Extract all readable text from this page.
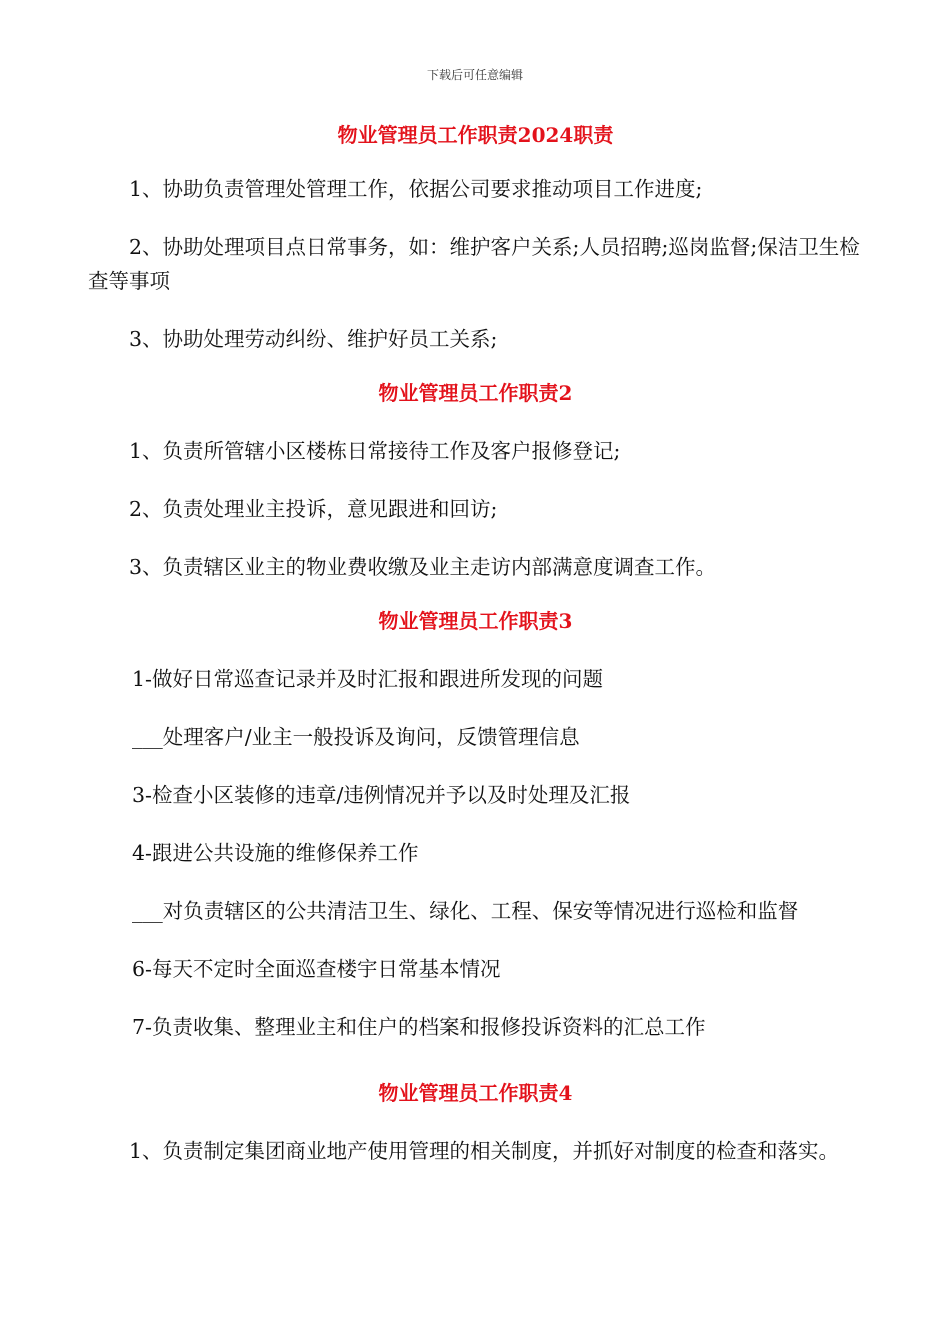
下载后可任意编辑

物业管理员工作职责2024职责

1、协助负责管理处管理工作，依据公司要求推动项目工作进度;

2、协助处理项目点日常事务，如：维护客户关系;人员招聘;巡岗监督;保洁卫生检查等事项

3、协助处理劳动纠纷、维护好员工关系;

物业管理员工作职责2

1、负责所管辖小区楼栋日常接待工作及客户报修登记;

2、负责处理业主投诉，意见跟进和回访;

3、负责辖区业主的物业费收缴及业主走访内部满意度调查工作。

物业管理员工作职责3

1-做好日常巡查记录并及时汇报和跟进所发现的问题

___处理客户/业主一般投诉及询问，反馈管理信息

3-检查小区装修的违章/违例情况并予以及时处理及汇报

4-跟进公共设施的维修保养工作

___对负责辖区的公共清洁卫生、绿化、工程、保安等情况进行巡检和监督

6-每天不定时全面巡查楼宇日常基本情况

7-负责收集、整理业主和住户的档案和报修投诉资料的汇总工作

物业管理员工作职责4

1、负责制定集团商业地产使用管理的相关制度，并抓好对制度的检查和落实。
